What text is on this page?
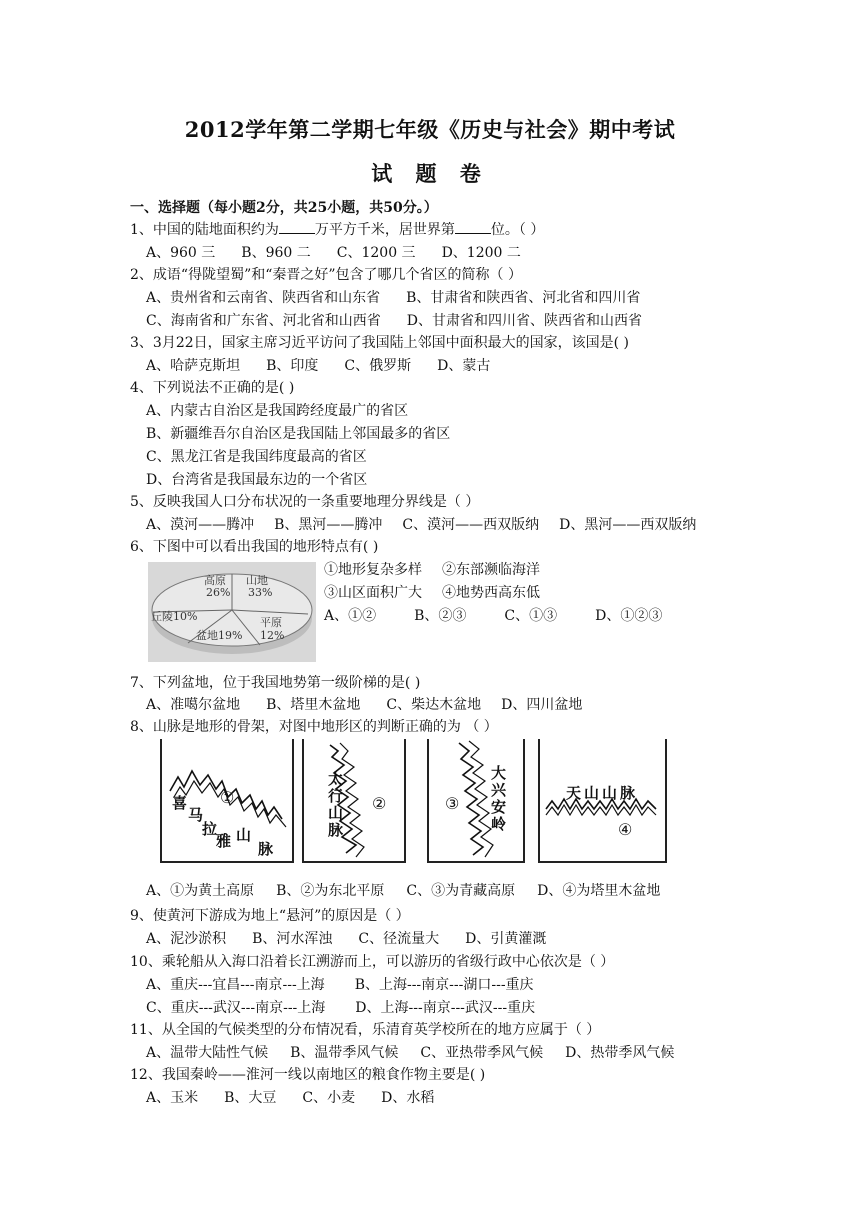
2012学年第二学期七年级《历史与社会》期中考试
试 题 卷
一、选择题（每小题2分，共25小题，共50分。）
1、中国的陆地面积约为	万平方千米，居世界第	位。（ ）
A、960 三 B、960 二 C、1200 三 D、1200 二
2、成语“得陇望蜀”和“秦晋之好”包含了哪几个省区的简称（ ）
A、贵州省和云南省、陕西省和山东省 B、甘肃省和陕西省、河北省和四川省
C、海南省和广东省、河北省和山西省 D、甘肃省和四川省、陕西省和山西省
3、3月22日，国家主席习近平访问了我国陆上邻国中面积最大的国家，该国是( )
A、哈萨克斯坦 B、印度 C、俄罗斯 D、蒙古
4、下列说法不正确的是( )
A、内蒙古自治区是我国跨经度最广的省区
B、新疆维吾尔自治区是我国陆上邻国最多的省区
C、黑龙江省是我国纬度最高的省区
D、台湾省是我国最东边的一个省区
5、反映我国人口分布状况的一条重要地理分界线是（ ）
A、漠河——腾冲 B、黑河——腾冲 C、漠河——西双版纳 D、黑河——西双版纳
6、下图中可以看出我国的地形特点有( )
高原
26%
山地
33%
平原
12%
盆地19%
丘陵10%
①地形复杂多样 ②东部濒临海洋
③山区面积广大 ④地势西高东低
A、①②	B、②③	C、①③	D、①②③
7、下列盆地，位于我国地势第一级阶梯的是( )
A、准噶尔盆地 B、塔里木盆地 C、柴达木盆地 D、四川盆地
8、山脉是地形的骨架，对图中地形区的判断正确的为 （ ）
喜
马
拉
雅 山
脉
①
太行山脉
②
大兴安岭
③
天山山脉
④
A、①为黄土高原 B、②为东北平原 C、③为青藏高原 D、④为塔里木盆地
9、使黄河下游成为地上“悬河”的原因是（ ）
A、泥沙淤积 B、河水浑浊 C、径流量大 D、引黄灌溉
10、乘轮船从入海口沿着长江溯游而上，可以游历的省级行政中心依次是（ ）
A、重庆---宜昌---南京---上海 B、上海---南京---湖口---重庆
C、重庆---武汉---南京---上海 D、上海---南京---武汉---重庆
11、从全国的气候类型的分布情况看，乐清育英学校所在的地方应属于（ ）
A、温带大陆性气候 B、温带季风气候 C、亚热带季风气候 D、热带季风气候
12、我国秦岭——淮河一线以南地区的粮食作物主要是( )
A、玉米 B、大豆 C、小麦 D、水稻
